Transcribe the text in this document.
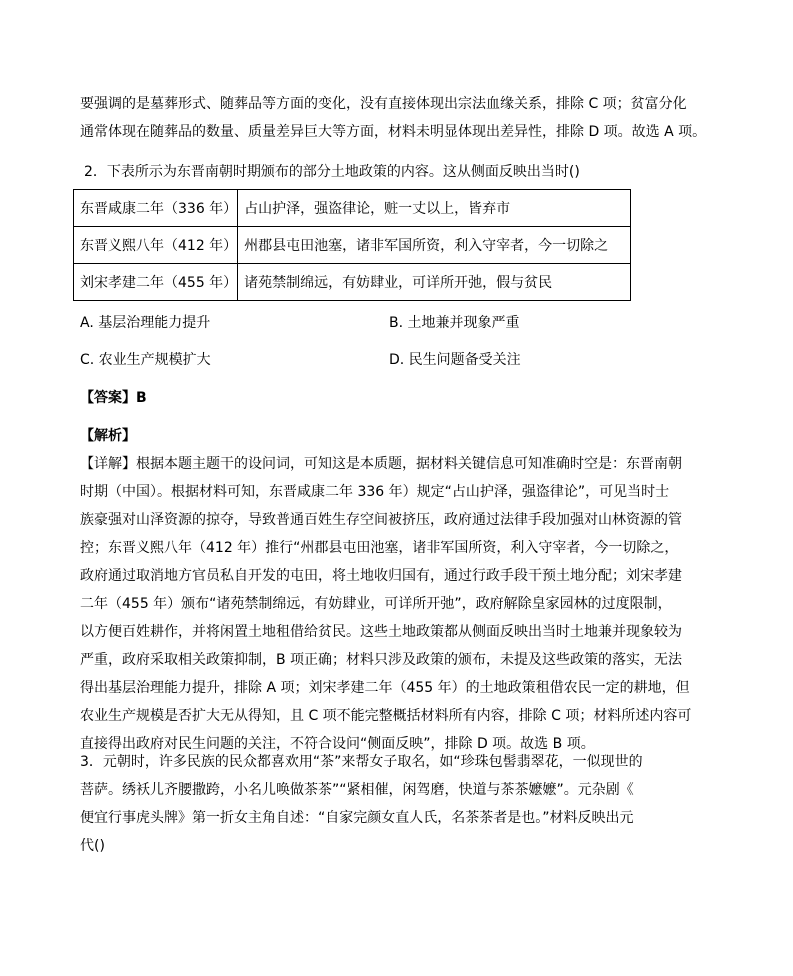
要强调的是墓葬形式、随葬品等方面的变化，没有直接体现出宗法血缘关系，排除 C 项；贫富分化
通常体现在随葬品的数量、质量差异巨大等方面，材料未明显体现出差异性，排除 D 项。故选 A 项。
2．下表所示为东晋南朝时期颁布的部分土地政策的内容。这从侧面反映出当时()
东晋咸康二年（336 年）	占山护泽，强盗律论，赃一丈以上，皆弃市
东晋义熙八年（412 年）	州郡县屯田池塞，诸非军国所资，利入守宰者，今一切除之
刘宋孝建二年（455 年）	诸苑禁制绵远，有妨肆业，可详所开弛，假与贫民
A. 基层治理能力提升	B. 土地兼并现象严重
C. 农业生产规模扩大	D. 民生问题备受关注
【答案】B
【解析】
【详解】根据本题主题干的设问词，可知这是本质题，据材料关键信息可知准确时空是：东晋南朝
时期（中国）。根据材料可知，东晋咸康二年 336 年）规定“占山护泽，强盗律论”，可见当时士
族豪强对山泽资源的掠夺，导致普通百姓生存空间被挤压，政府通过法律手段加强对山林资源的管
控；东晋义熙八年（412 年）推行“州郡县屯田池塞，诸非军国所资，利入守宰者，今一切除之，
政府通过取消地方官员私自开发的屯田，将土地收归国有，通过行政手段干预土地分配；刘宋孝建
二年（455 年）颁布“诸苑禁制绵远，有妨肆业，可详所开弛”，政府解除皇家园林的过度限制，
以方便百姓耕作，并将闲置土地租借给贫民。这些土地政策都从侧面反映出当时土地兼并现象较为
严重，政府采取相关政策抑制，B 项正确；材料只涉及政策的颁布，未提及这些政策的落实，无法
得出基层治理能力提升，排除 A 项；刘宋孝建二年（455 年）的土地政策租借农民一定的耕地，但
农业生产规模是否扩大无从得知，且 C 项不能完整概括材料所有内容，排除 C 项；材料所述内容可
直接得出政府对民生问题的关注，不符合设问“侧面反映”，排除 D 项。故选 B 项。
3．元朝时，许多民族的民众都喜欢用“茶”来帮女子取名，如“珍珠包髻翡翠花，一似现世的
菩萨。绣袄儿齐腰撒跨，小名儿唤做茶茶”“紧相催，闲驾磨，快道与茶茶嬷嬷”。元杂剧《
便宜行事虎头牌》第一折女主角自述：“自家完颜女直人氏，名茶茶者是也。”材料反映出元
代()
